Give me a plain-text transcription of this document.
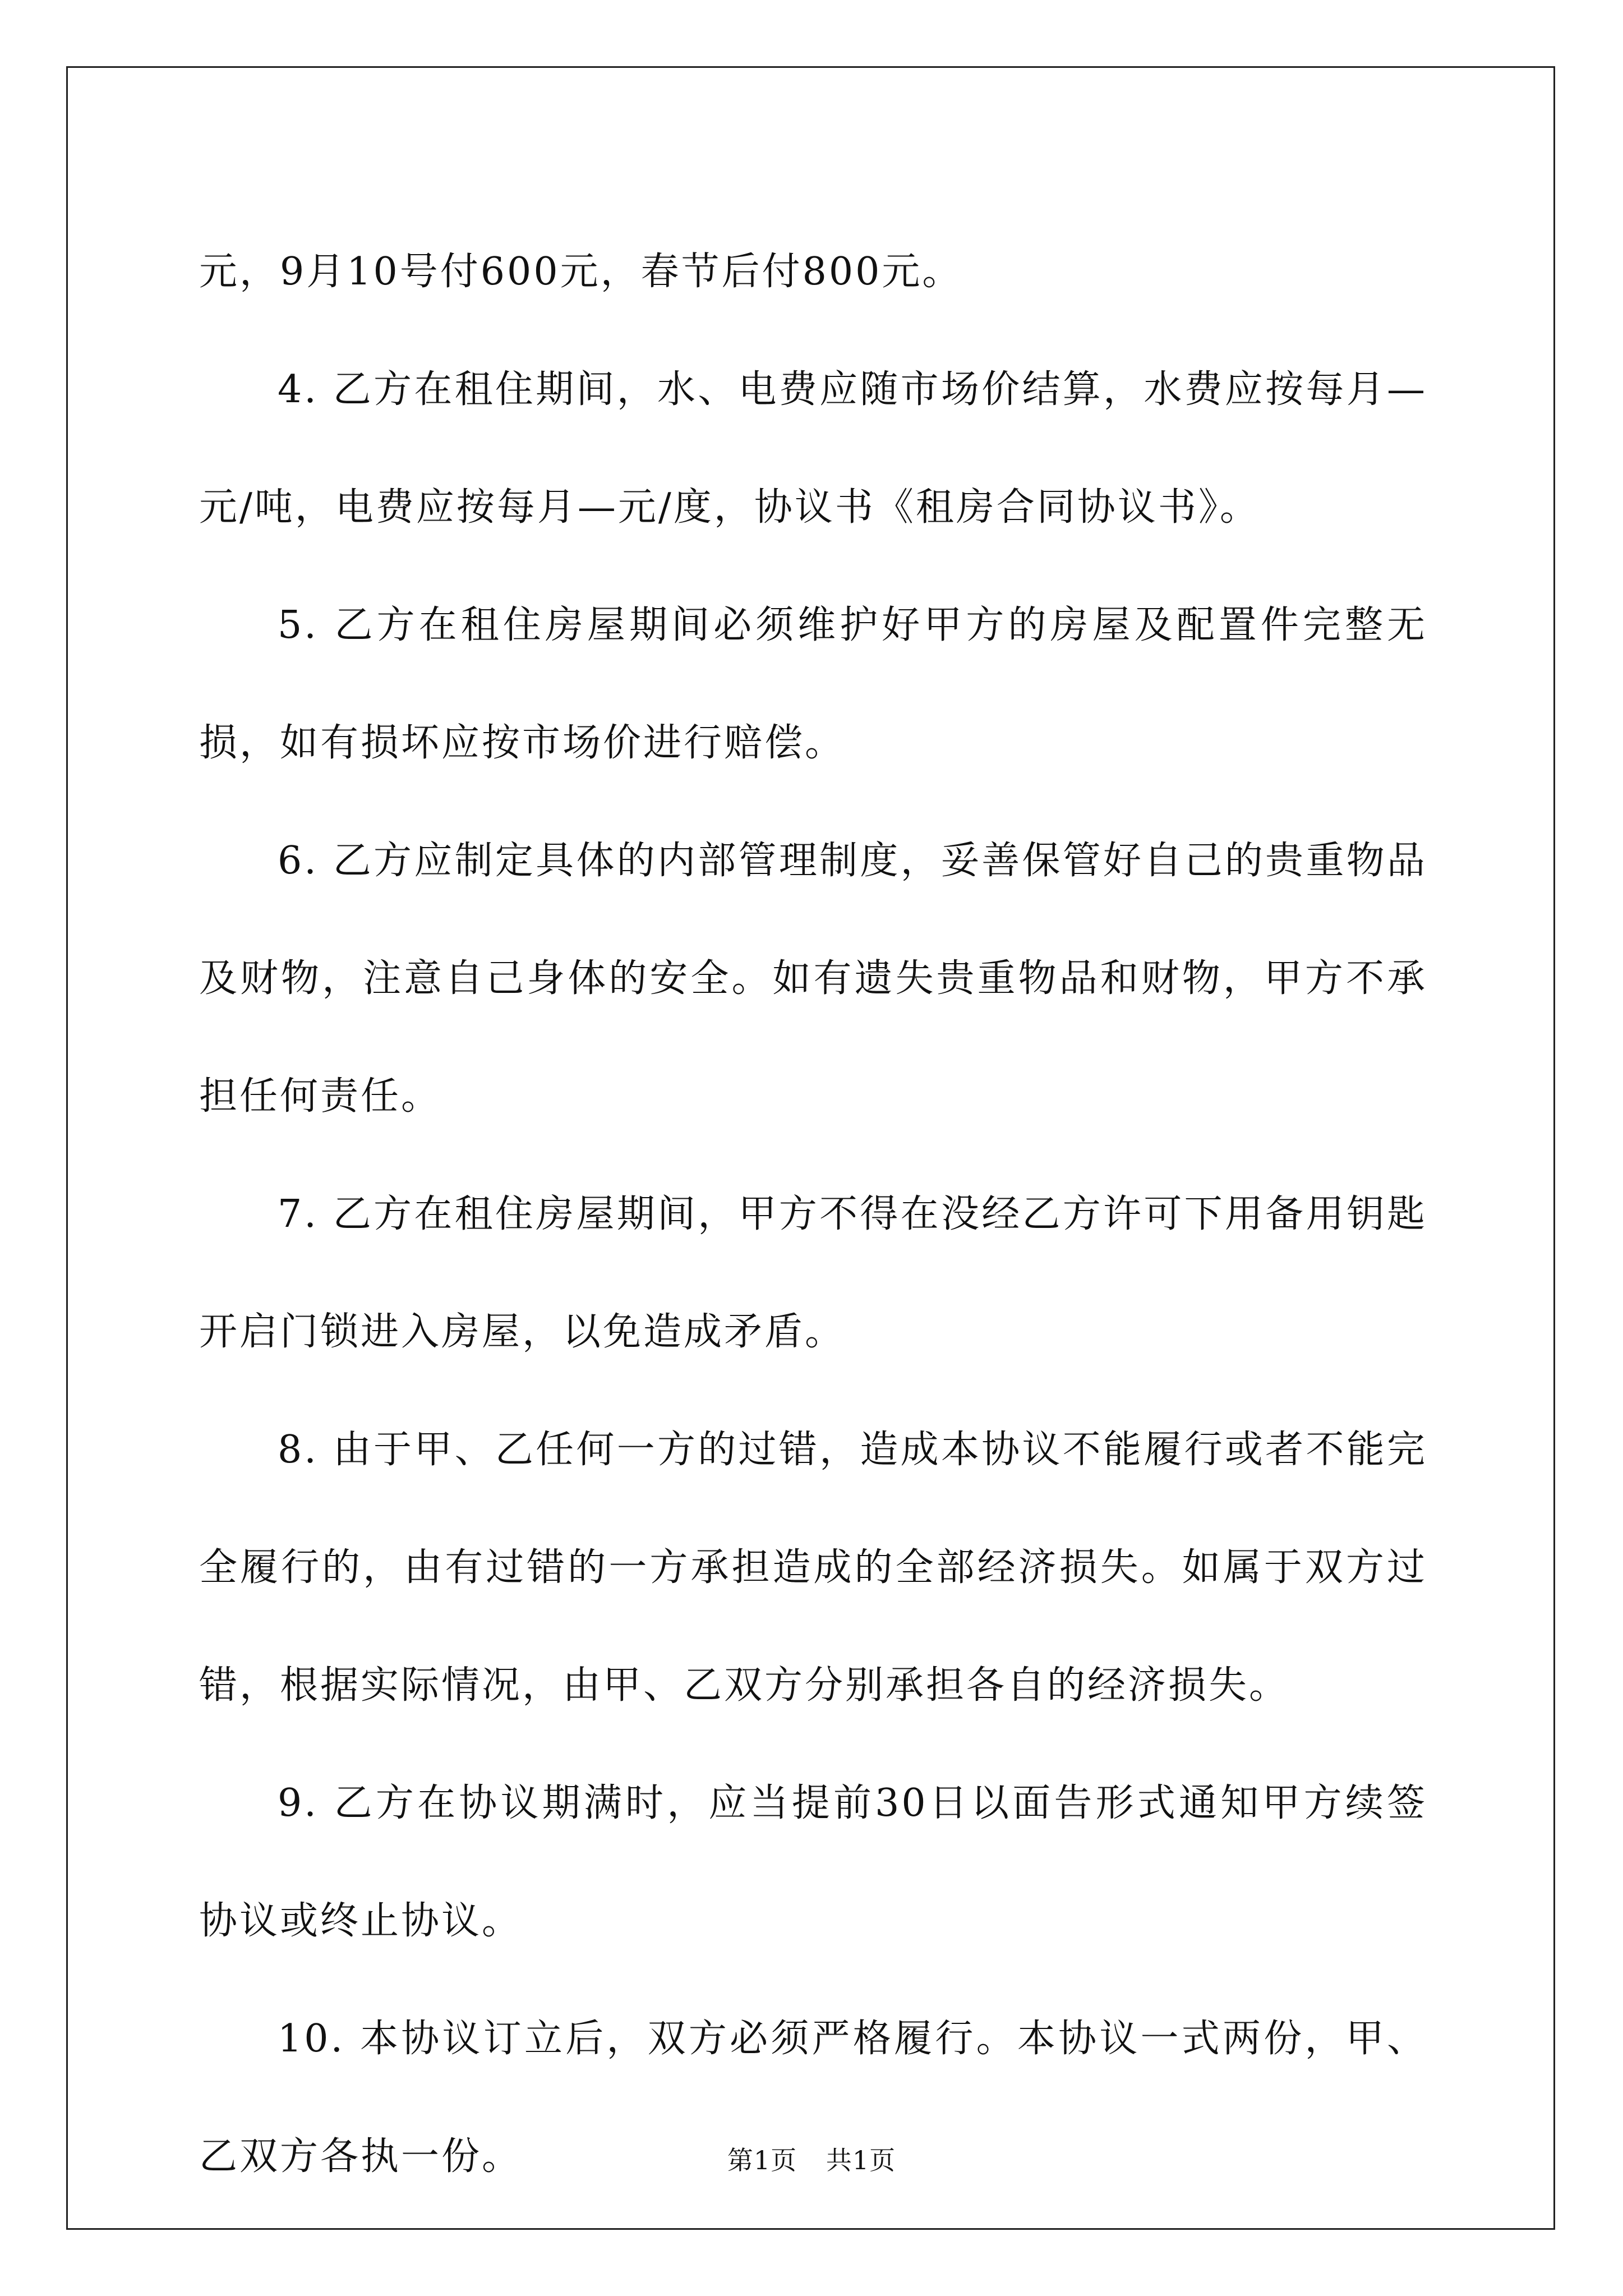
元，9月10号付600元，春节后付800元。

4. 乙方在租住期间，水、电费应随市场价结算，水费应按每月—元/吨，电费应按每月—元/度，协议书《租房合同协议书》。

5. 乙方在租住房屋期间必须维护好甲方的房屋及配置件完整无损，如有损坏应按市场价进行赔偿。

6. 乙方应制定具体的内部管理制度，妥善保管好自己的贵重物品及财物，注意自己身体的安全。如有遗失贵重物品和财物，甲方不承担任何责任。

7. 乙方在租住房屋期间，甲方不得在没经乙方许可下用备用钥匙开启门锁进入房屋，以免造成矛盾。

8. 由于甲、乙任何一方的过错，造成本协议不能履行或者不能完全履行的，由有过错的一方承担造成的全部经济损失。如属于双方过错，根据实际情况，由甲、乙双方分别承担各自的经济损失。

9. 乙方在协议期满时，应当提前30日以面告形式通知甲方续签协议或终止协议。

10. 本协议订立后，双方必须严格履行。本协议一式两份，甲、乙双方各执一份。	第1页 共1页
